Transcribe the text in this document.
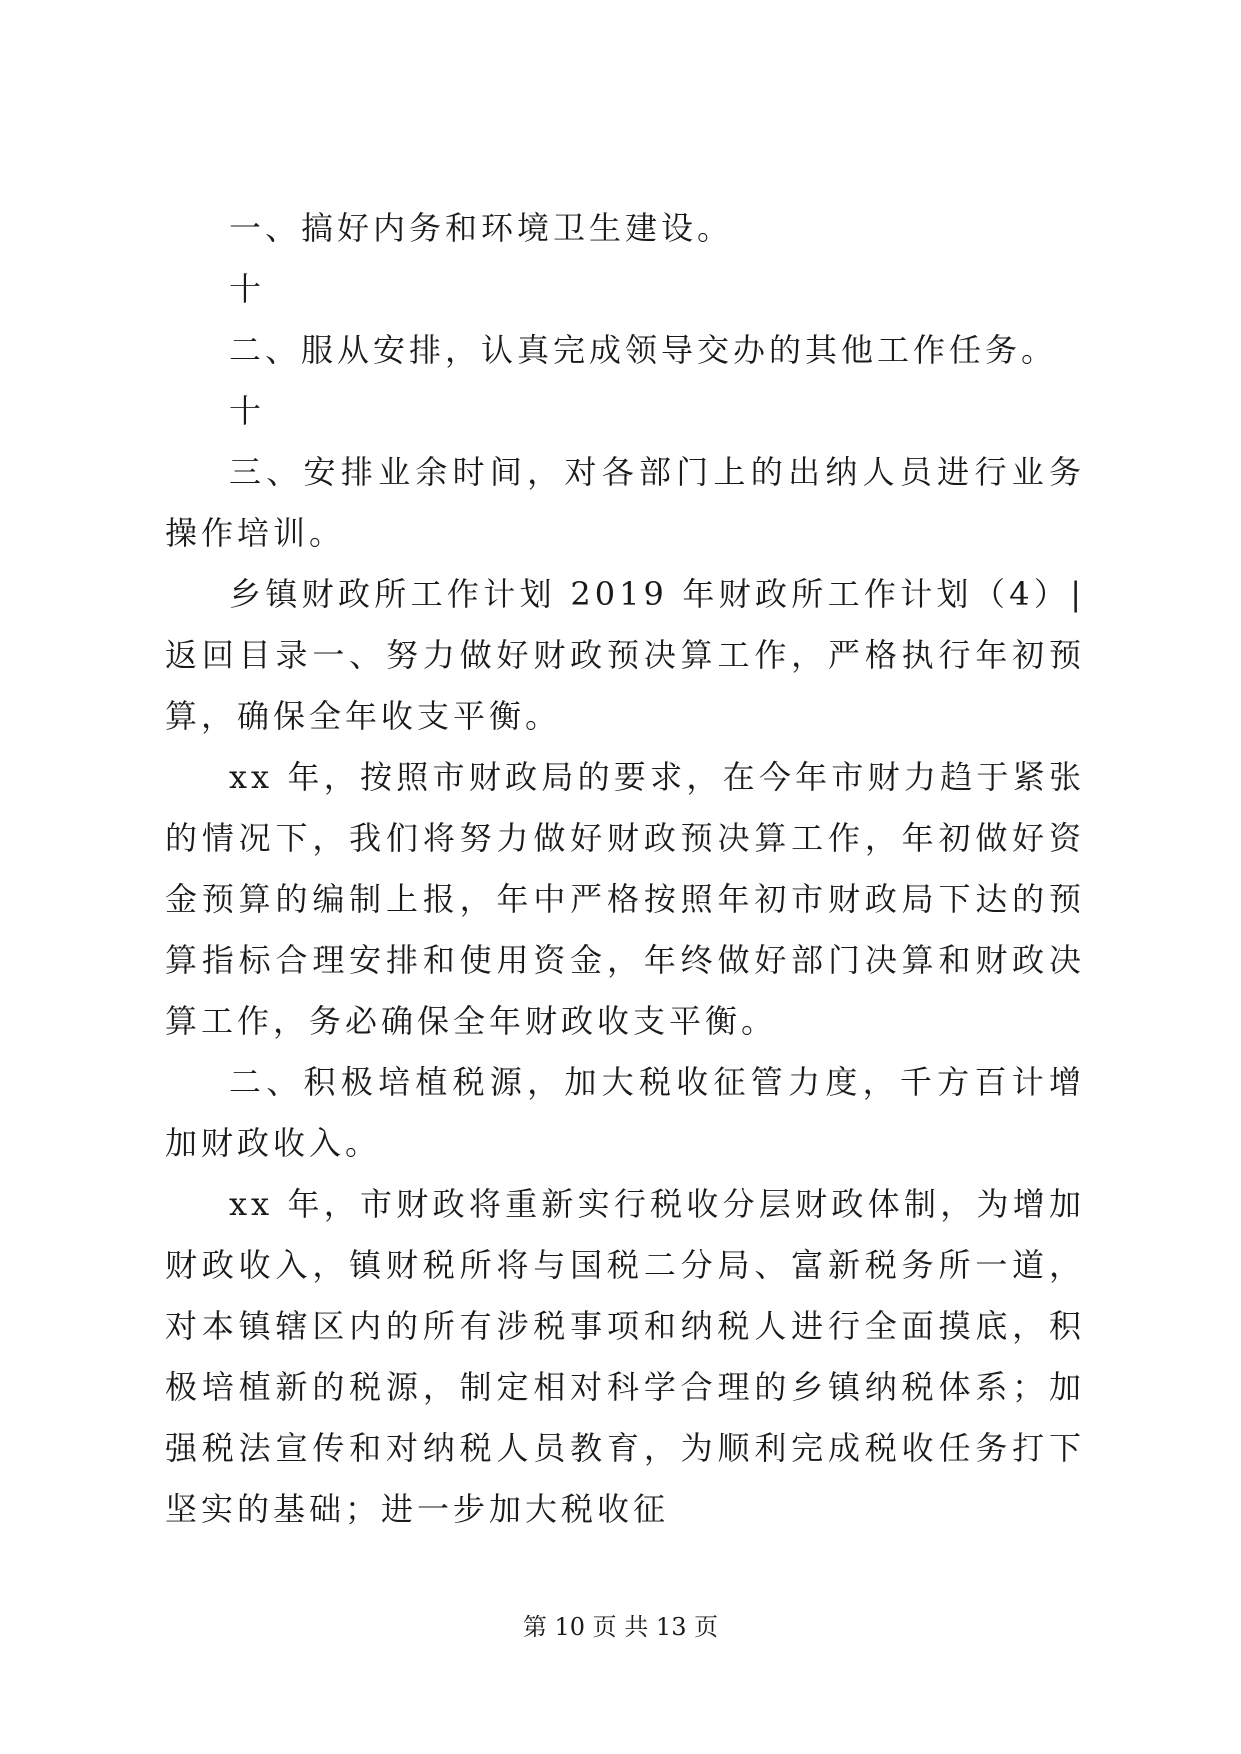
一、搞好内务和环境卫生建设。

十

二、服从安排，认真完成领导交办的其他工作任务。

十

三、安排业余时间，对各部门上的出纳人员进行业务操作培训。

乡镇财政所工作计划 2019 年财政所工作计划（4）|返回目录一、努力做好财政预决算工作，严格执行年初预算，确保全年收支平衡。

xx 年，按照市财政局的要求，在今年市财力趋于紧张的情况下，我们将努力做好财政预决算工作，年初做好资金预算的编制上报，年中严格按照年初市财政局下达的预算指标合理安排和使用资金，年终做好部门决算和财政决算工作，务必确保全年财政收支平衡。

二、积极培植税源，加大税收征管力度，千方百计增加财政收入。

xx 年，市财政将重新实行税收分层财政体制，为增加财政收入，镇财税所将与国税二分局、富新税务所一道，对本镇辖区内的所有涉税事项和纳税人进行全面摸底，积极培植新的税源，制定相对科学合理的乡镇纳税体系；加强税法宣传和对纳税人员教育，为顺利完成税收任务打下坚实的基础；进一步加大税收征

第 10 页 共 13 页
